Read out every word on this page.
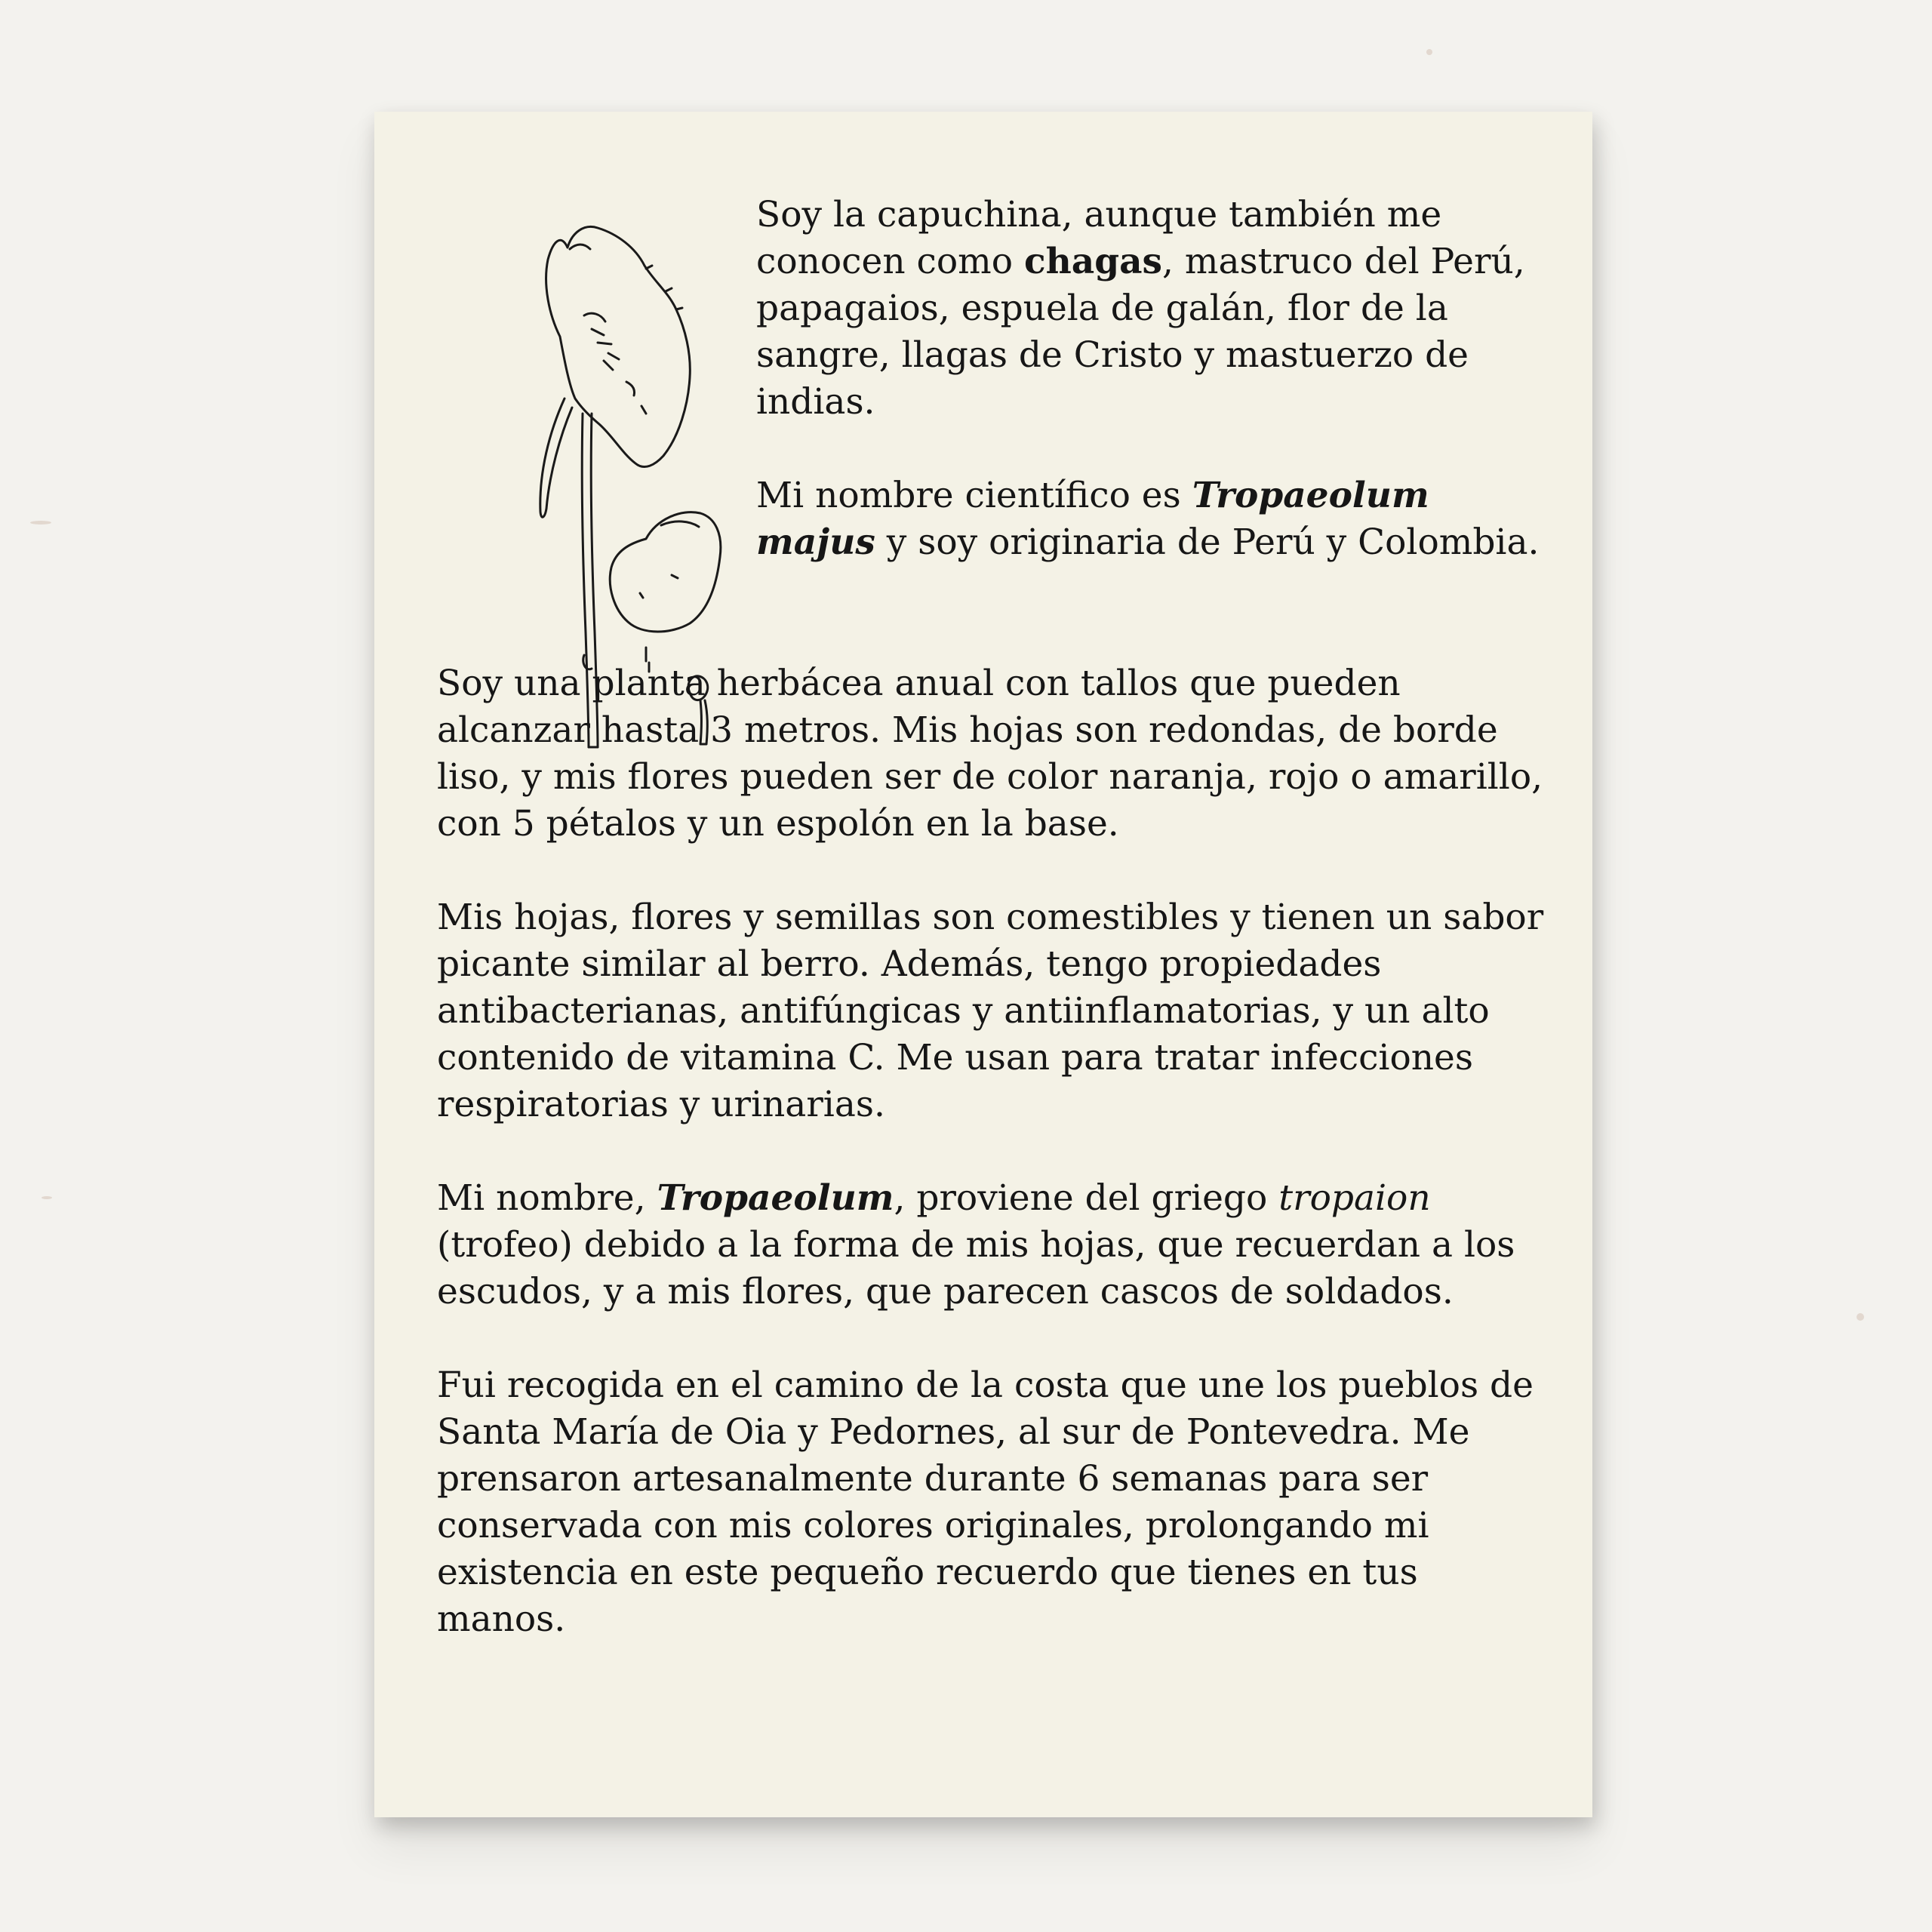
Soy la capuchina, aunque también me conocen como chagas, mastruco del Perú, papagaios, espuela de galán, flor de la sangre, llagas de Cristo y mastuerzo de indias.

Mi nombre científico es Tropaeolum majus y soy originaria de Perú y Colombia.

Soy una planta herbácea anual con tallos que pueden alcanzar hasta 3 metros. Mis hojas son redondas, de borde liso, y mis flores pueden ser de color naranja, rojo o amarillo, con 5 pétalos y un espolón en la base.

Mis hojas, flores y semillas son comestibles y tienen un sabor picante similar al berro. Además, tengo propiedades antibacterianas, antifúngicas y antiinflamatorias, y un alto contenido de vitamina C. Me usan para tratar infecciones respiratorias y urinarias.

Mi nombre, Tropaeolum, proviene del griego tropaion (trofeo) debido a la forma de mis hojas, que recuerdan a los escudos, y a mis flores, que parecen cascos de soldados.

Fui recogida en el camino de la costa que une los pueblos de Santa María de Oia y Pedornes, al sur de Pontevedra. Me prensaron artesanalmente durante 6 semanas para ser conservada con mis colores originales, prolongando mi existencia en este pequeño recuerdo que tienes en tus manos.
